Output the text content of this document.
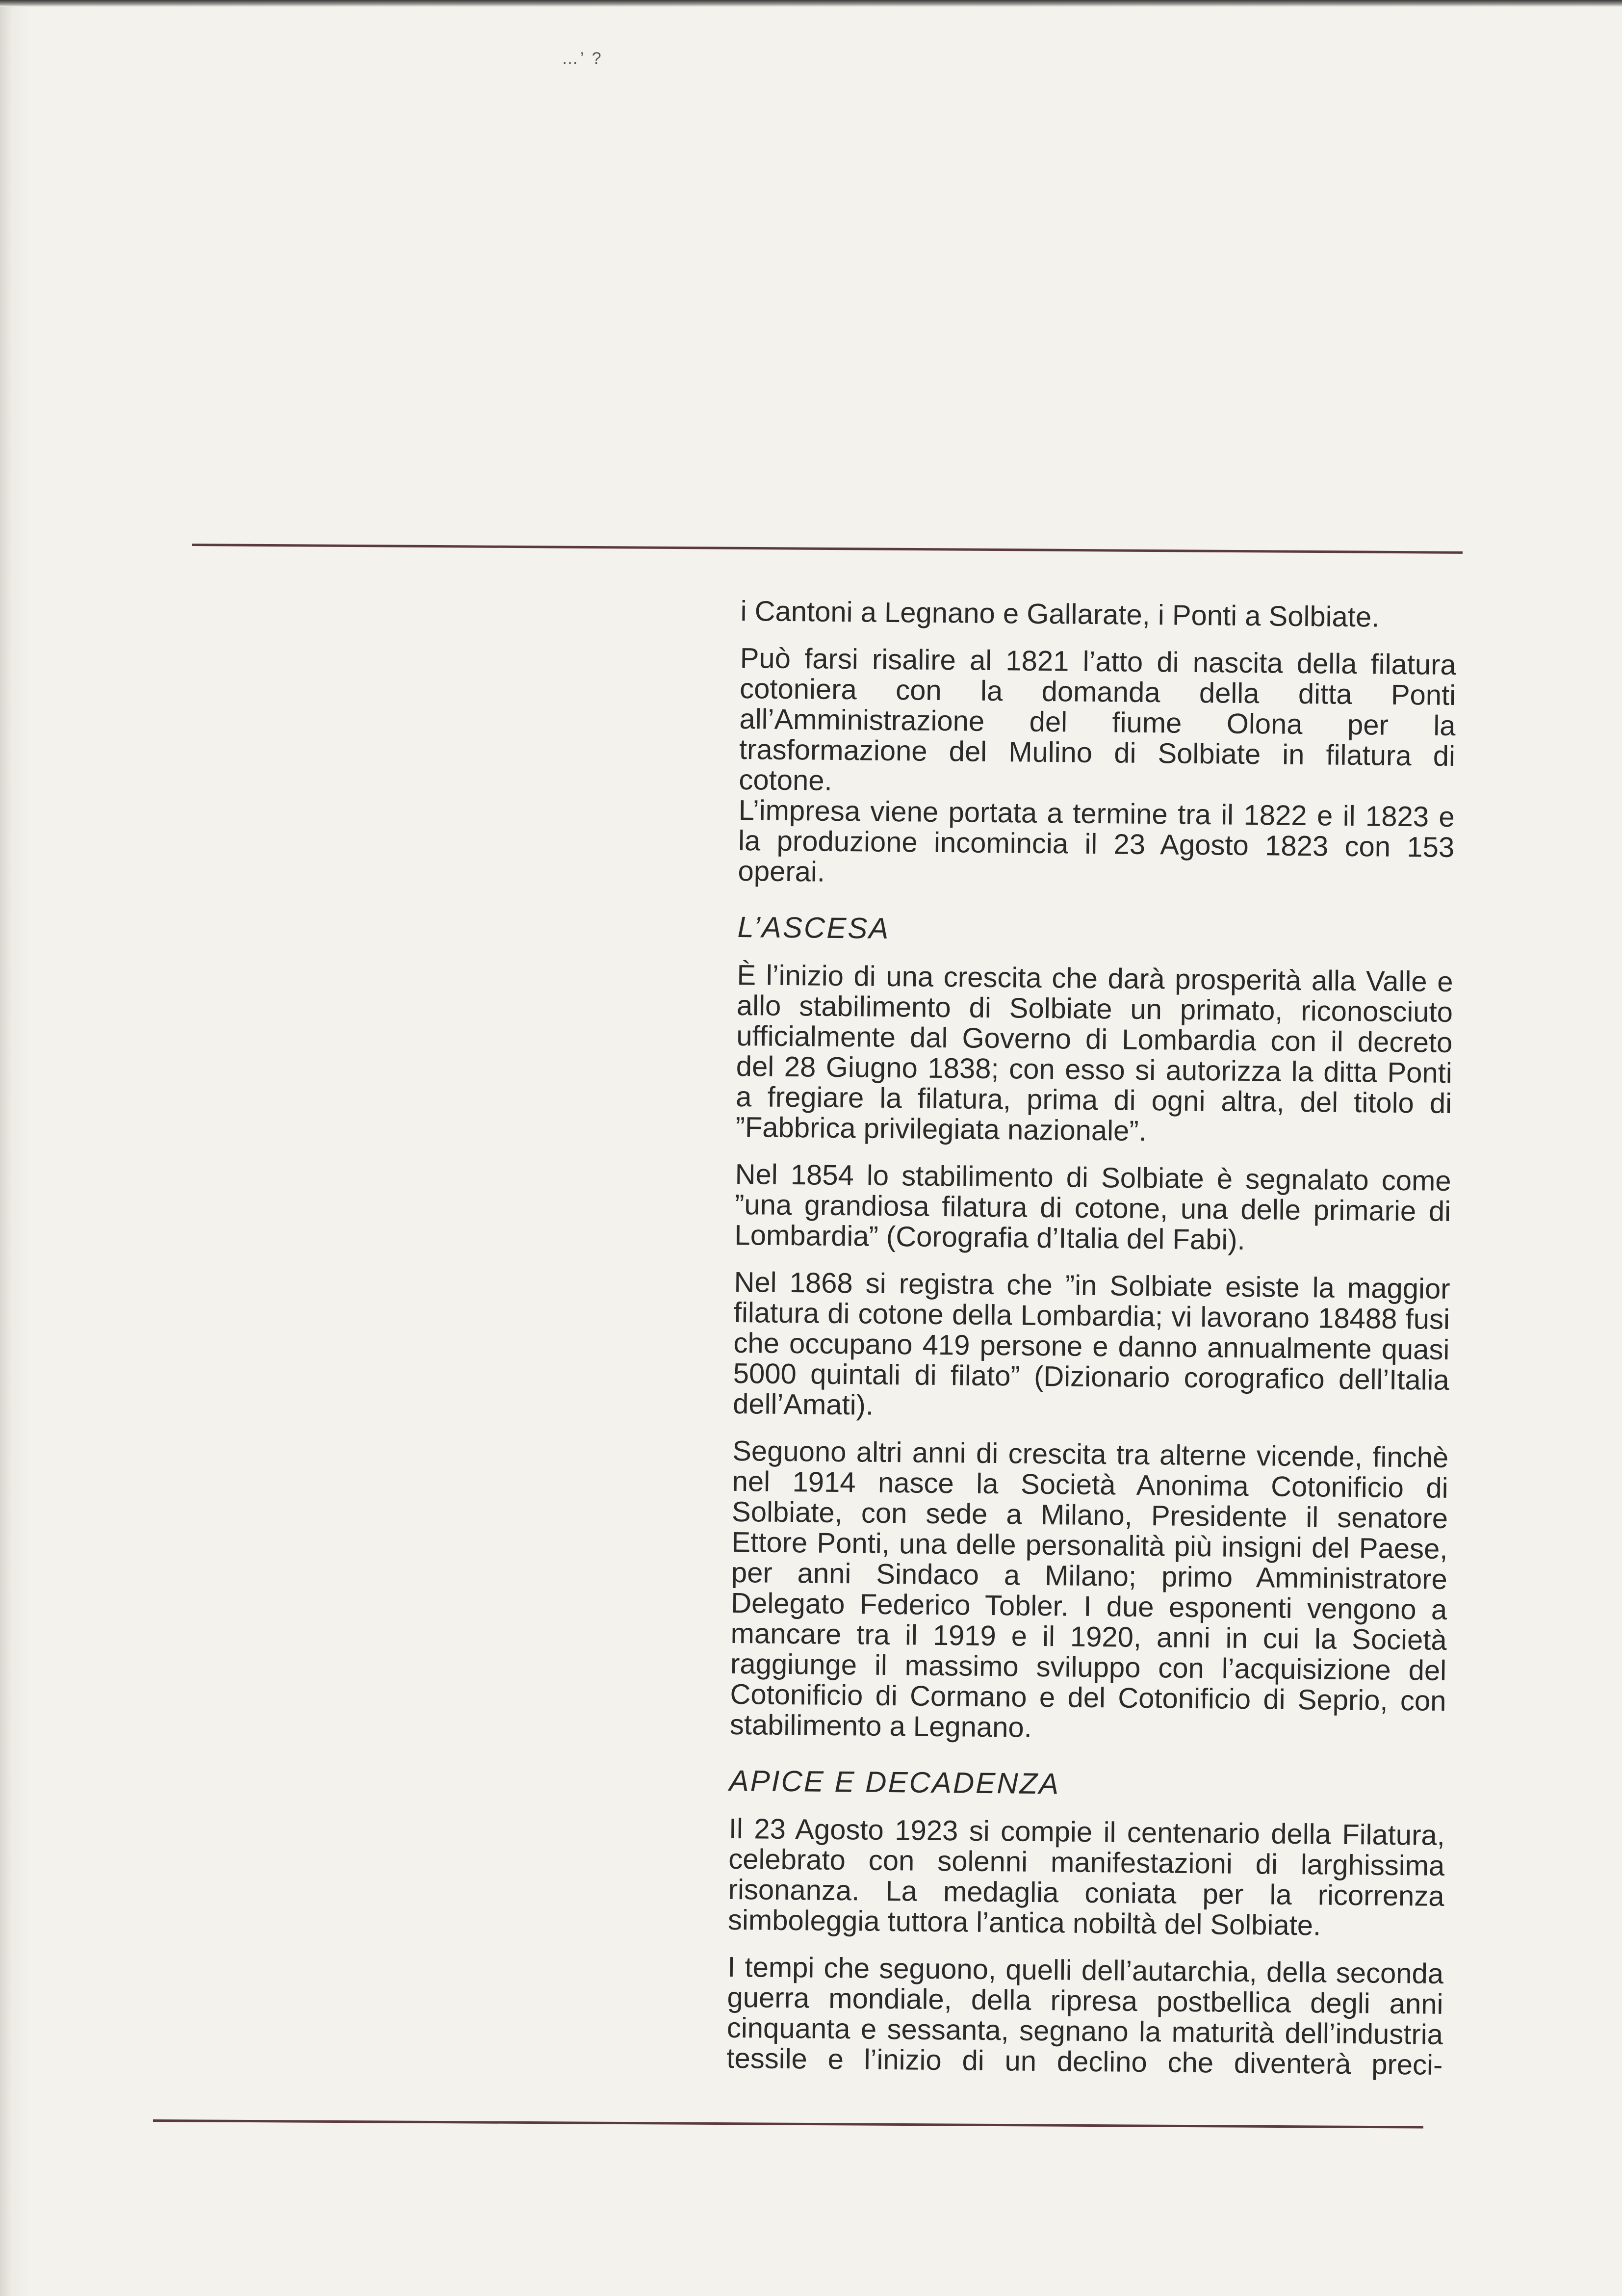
…’ ?

i Cantoni a Legnano e Gallarate, i Ponti a Solbiate.

Può farsi risalire al 1821 l’atto di nascita della filatura cotoniera con la domanda della ditta Ponti all’Amministrazione del fiume Olona per la trasformazione del Mulino di Solbiate in filatura di cotone.

L’impresa viene portata a termine tra il 1822 e il 1823 e la produzione incomincia il 23 Agosto 1823 con 153 operai.

L’ASCESA

È l’inizio di una crescita che darà prosperità alla Valle e allo stabilimento di Solbiate un primato, riconosciuto ufficialmente dal Governo di Lombardia con il decreto del 28 Giugno 1838; con esso si autorizza la ditta Ponti a fregiare la filatura, prima di ogni altra, del titolo di ”Fabbrica privilegiata nazionale”.

Nel 1854 lo stabilimento di Solbiate è segnalato come ”una grandiosa filatura di cotone, una delle primarie di Lombardia” (Corografia d’Italia del Fabi).

Nel 1868 si registra che ”in Solbiate esiste la maggior filatura di cotone della Lombardia; vi lavorano 18488 fusi che occupano 419 persone e danno annualmente quasi 5000 quintali di filato” (Dizionario corografico dell’Italia dell’Amati).

Seguono altri anni di crescita tra alterne vicende, finchè nel 1914 nasce la Società Anonima Cotonificio di Solbiate, con sede a Milano, Presidente il senatore Ettore Ponti, una delle personalità più insigni del Paese, per anni Sindaco a Milano; primo Amministratore Delegato Federico Tobler. I due esponenti vengono a mancare tra il 1919 e il 1920, anni in cui la Società raggiunge il massimo sviluppo con l’acquisizione del Cotonificio di Cormano e del Cotonificio di Seprio, con stabilimento a Legnano.

APICE E DECADENZA

Il 23 Agosto 1923 si compie il centenario della Filatura, celebrato con solenni manifestazioni di larghissima risonanza. La medaglia coniata per la ricorrenza simboleggia tuttora l’antica nobiltà del Solbiate.

I tempi che seguono, quelli dell’autarchia, della seconda guerra mondiale, della ripresa postbellica degli anni cinquanta e sessanta, segnano la maturità dell’industria tessile e l’inizio di un declino che diventerà preci-
